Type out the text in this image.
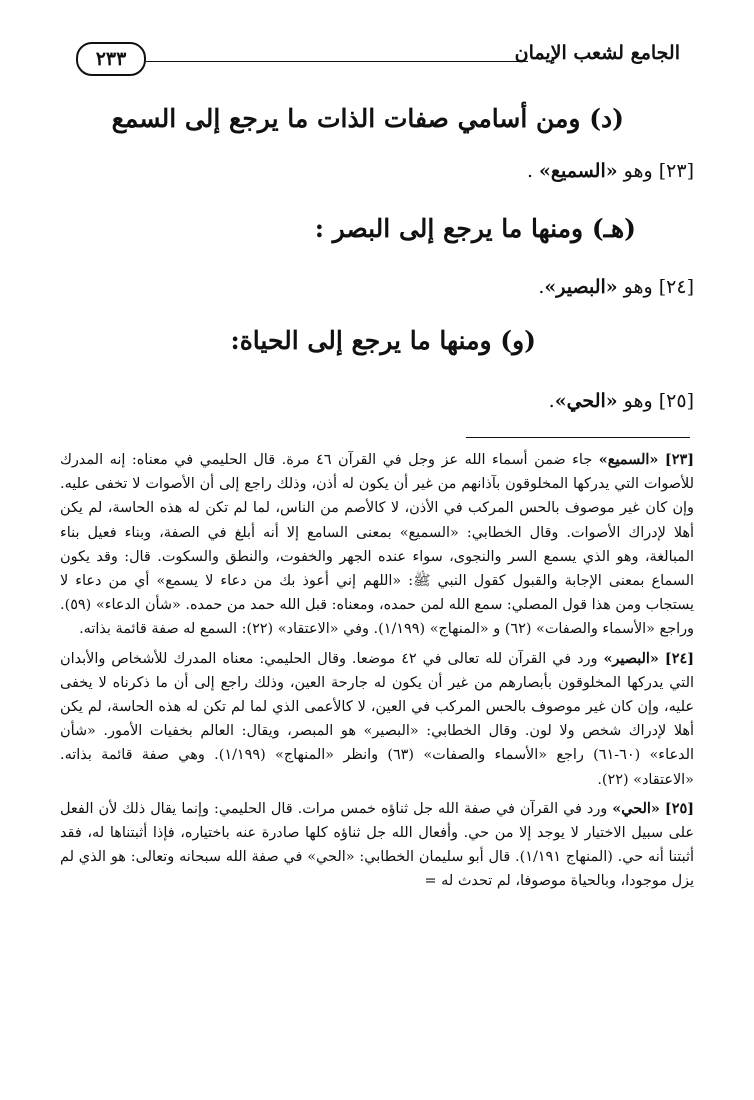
الجامع لشعب الإيمان
٢٣٣
(د) ومن أسامي صفات الذات ما يرجع إلى السمع
[٢٣] وهو «السميع» .
(هـ) ومنها ما يرجع إلى البصر :
[٢٤] وهو «البصير».
(و) ومنها ما يرجع إلى الحياة:
[٢٥] وهو «الحي».

[٢٣] «السميع» جاء ضمن أسماء الله عز وجل في القرآن ٤٦ مرة. قال الحليمي في معناه: إنه المدرك للأصوات التي يدركها المخلوقون بآذانهم من غير أن يكون له أذن، وذلك راجع إلى أن الأصوات لا تخفى عليه. وإن كان غير موصوف بالحس المركب في الأذن، لا كالأصم من الناس، لما لم تكن له هذه الحاسة، لم يكن أهلا لإدراك الأصوات. وقال الخطابي: «السميع» بمعنى السامع إلا أنه أبلغ في الصفة، وبناء فعيل بناء المبالغة، وهو الذي يسمع السر والنجوى، سواء عنده الجهر والخفوت، والنطق والسكوت. قال: وقد يكون السماع بمعنى الإجابة والقبول كقول النبي ﷺ: «اللهم إني أعوذ بك من دعاء لا يسمع» أي من دعاء لا يستجاب ومن هذا قول المصلي: سمع الله لمن حمده، ومعناه: قبل الله حمد من حمده. «شأن الدعاء» (٥٩). وراجع «الأسماء والصفات» (٦٢) و «المنهاج» (١/١٩٩). وفي «الاعتقاد» (٢٢): السمع له صفة قائمة بذاته.

[٢٤] «البصير» ورد في القرآن لله تعالى في ٤٢ موضعا. وقال الحليمي: معناه المدرك للأشخاص والأبدان التي يدركها المخلوقون بأبصارهم من غير أن يكون له جارحة العين، وذلك راجع إلى أن ما ذكرناه لا يخفى عليه، وإن كان غير موصوف بالحس المركب في العين، لا كالأعمى الذي لما لم تكن له هذه الحاسة، لم يكن أهلا لإدراك شخص ولا لون. وقال الخطابي: «البصير» هو المبصر، ويقال: العالم بخفيات الأمور. «شأن الدعاء» (٦٠-٦١) راجع «الأسماء والصفات» (٦٣) وانظر «المنهاج» (١/١٩٩). وهي صفة قائمة بذاته. «الاعتقاد» (٢٢).

[٢٥] «الحي» ورد في القرآن في صفة الله جل ثناؤه خمس مرات. قال الحليمي: وإنما يقال ذلك لأن الفعل على سبيل الاختيار لا يوجد إلا من حي. وأفعال الله جل ثناؤه كلها صادرة عنه باختياره، فإذا أثبتناها له، فقد أثبتنا أنه حي. (المنهاج ١/١٩١). قال أبو سليمان الخطابي: «الحي» في صفة الله سبحانه وتعالى: هو الذي لم يزل موجودا، وبالحياة موصوفا، لم تحدث له =
